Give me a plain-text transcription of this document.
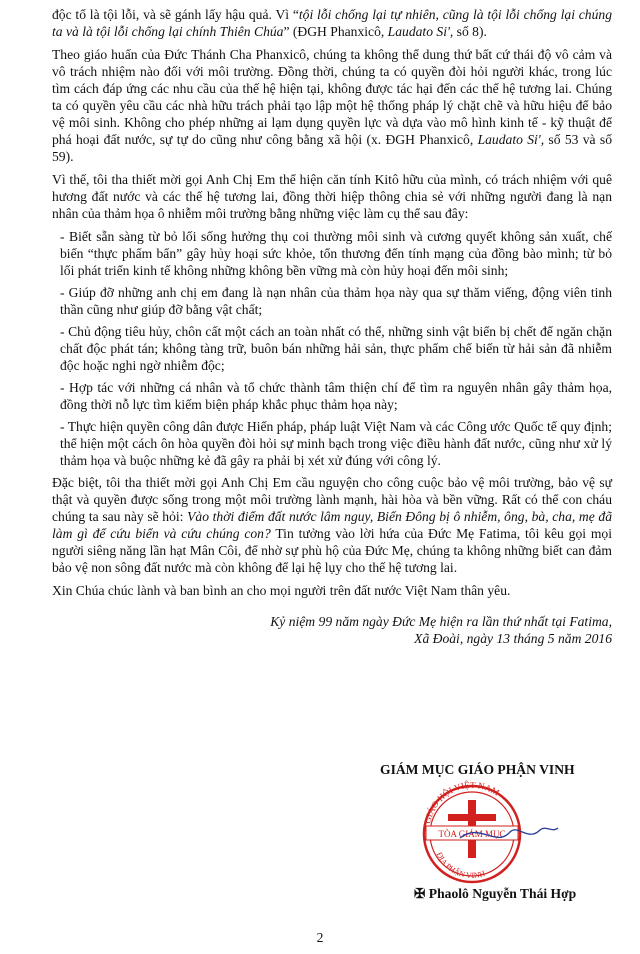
độc tố là tội lỗi, và sẽ gánh lấy hậu quả. Vì “tội lỗi chống lại tự nhiên, cũng là tội lỗi chống lại chúng ta và là tội lỗi chống lại chính Thiên Chúa” (ĐGH Phanxicô, Laudato Si', số 8).

Theo giáo huấn của Đức Thánh Cha Phanxicô, chúng ta không thể dung thứ bất cứ thái độ vô cảm và vô trách nhiệm nào đối với môi trường. Đồng thời, chúng ta có quyền đòi hỏi người khác, trong lúc tìm cách đáp ứng các nhu cầu của thế hệ hiện tại, không được tác hại đến các thế hệ tương lai. Chúng ta có quyền yêu cầu các nhà hữu trách phải tạo lập một hệ thống pháp lý chặt chẽ và hữu hiệu để bảo vệ môi sinh. Không cho phép những ai lạm dụng quyền lực và dựa vào mô hình kinh tế - kỹ thuật để phá hoại đất nước, sự tự do cũng như công bằng xã hội (x. ĐGH Phanxicô, Laudato Si', số 53 và số 59).

Vì thế, tôi tha thiết mời gọi Anh Chị Em thể hiện căn tính Kitô hữu của mình, có trách nhiệm với quê hương đất nước và các thế hệ tương lai, đồng thời hiệp thông chia sẻ với những người đang là nạn nhân của thảm họa ô nhiễm môi trường bằng những việc làm cụ thể sau đây:

- Biết sẵn sàng từ bỏ lối sống hưởng thụ coi thường môi sinh và cương quyết không sản xuất, chế biến “thực phẩm bẩn” gây hủy hoại sức khỏe, tổn thương đến tính mạng của đồng bào mình; từ bỏ lối phát triển kinh tế không những không bền vững mà còn hủy hoại đến môi sinh;

- Giúp đỡ những anh chị em đang là nạn nhân của thảm họa này qua sự thăm viếng, động viên tinh thần cũng như giúp đỡ bằng vật chất;

- Chủ động tiêu hủy, chôn cất một cách an toàn nhất có thể, những sinh vật biển bị chết để ngăn chặn chất độc phát tán; không tàng trữ, buôn bán những hải sản, thực phẩm chế biến từ hải sản đã nhiễm độc hoặc nghi ngờ nhiễm độc;

- Hợp tác với những cá nhân và tổ chức thành tâm thiện chí để tìm ra nguyên nhân gây thảm họa, đồng thời nỗ lực tìm kiếm biện pháp khắc phục thảm họa này;

- Thực hiện quyền công dân được Hiến pháp, pháp luật Việt Nam và các Công ước Quốc tế quy định; thể hiện một cách ôn hòa quyền đòi hỏi sự minh bạch trong việc điều hành đất nước, cũng như xử lý thảm họa và buộc những kẻ đã gây ra phải bị xét xử đúng với công lý.

Đặc biệt, tôi tha thiết mời gọi Anh Chị Em cầu nguyện cho công cuộc bảo vệ môi trường, bảo vệ sự thật và quyền được sống trong một môi trường lành mạnh, hài hòa và bền vững. Rất có thể con cháu chúng ta sau này sẽ hỏi: Vào thời điểm đất nước lâm nguy, Biển Đông bị ô nhiễm, ông, bà, cha, mẹ đã làm gì để cứu biển và cứu chúng con? Tin tưởng vào lời hứa của Đức Mẹ Fatima, tôi kêu gọi mọi người siêng năng lần hạt Mân Côi, để nhờ sự phù hộ của Đức Mẹ, chúng ta không những biết can đảm bảo vệ non sông đất nước mà còn không để lại hệ lụy cho thế hệ tương lai.

Xin Chúa chúc lành và ban bình an cho mọi người trên đất nước Việt Nam thân yêu.

Kỷ niệm 99 năm ngày Đức Mẹ hiện ra lần thứ nhất tại Fatima,
Xã Đoài, ngày 13 tháng 5 năm 2016
GIÁM MỤC GIÁO PHẬN VINH
GIÁO HỘI VIỆT NAM
ĐỊA PHẬN VINH
TÒA GIÁM MỤC
✠ Phaolô Nguyễn Thái Hợp
2
